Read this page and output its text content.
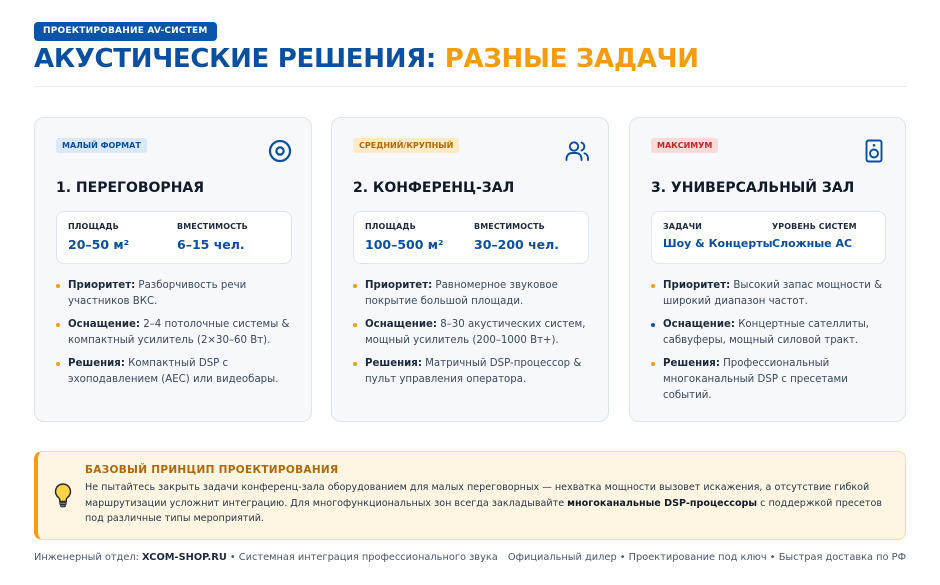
ПРОЕКТИРОВАНИЕ AV-СИСТЕМ
АКУСТИЧЕСКИЕ РЕШЕНИЯ: РАЗНЫЕ ЗАДАЧИ
МАЛЫЙ ФОРМАТ
1. ПЕРЕГОВОРНАЯ
ПЛОЩАДЬ
20–50 м²
ВМЕСТИМОСТЬ
6–15 чел.
Приоритет: Разборчивость речи участников ВКС.
Оснащение: 2–4 потолочные системы & компактный усилитель (2×30–60 Вт).
Решения: Компактный DSP с эхоподавлением (AEC) или видеобары.
СРЕДНИЙ/КРУПНЫЙ
2. КОНФЕРЕНЦ-ЗАЛ
ПЛОЩАДЬ
100–500 м²
ВМЕСТИМОСТЬ
30–200 чел.
Приоритет: Равномерное звуковое покрытие большой площади.
Оснащение: 8–30 акустических систем, мощный усилитель (200–1000 Вт+).
Решения: Матричный DSP-процессор & пульт управления оператора.
МАКСИМУМ
3. УНИВЕРСАЛЬНЫЙ ЗАЛ
ЗАДАЧИ
Шоу & Концерты
УРОВЕНЬ СИСТЕМ
Сложные АС
Приоритет: Высокий запас мощности & широкий диапазон частот.
Оснащение: Концертные сателлиты, сабвуферы, мощный силовой тракт.
Решения: Профессиональный многоканальный DSP с пресетами событий.
БАЗОВЫЙ ПРИНЦИП ПРОЕКТИРОВАНИЯ
Не пытайтесь закрыть задачи конференц-зала оборудованием для малых переговорных — нехватка мощности вызовет искажения, а отсутствие гибкой маршрутизации усложнит интеграцию. Для многофункциональных зон всегда закладывайте многоканальные DSP-процессоры с поддержкой пресетов под различные типы мероприятий.
Инженерный отдел: XCOM-SHOP.RU • Системная интеграция профессионального звука Официальный дилер • Проектирование под ключ • Быстрая доставка по РФ
